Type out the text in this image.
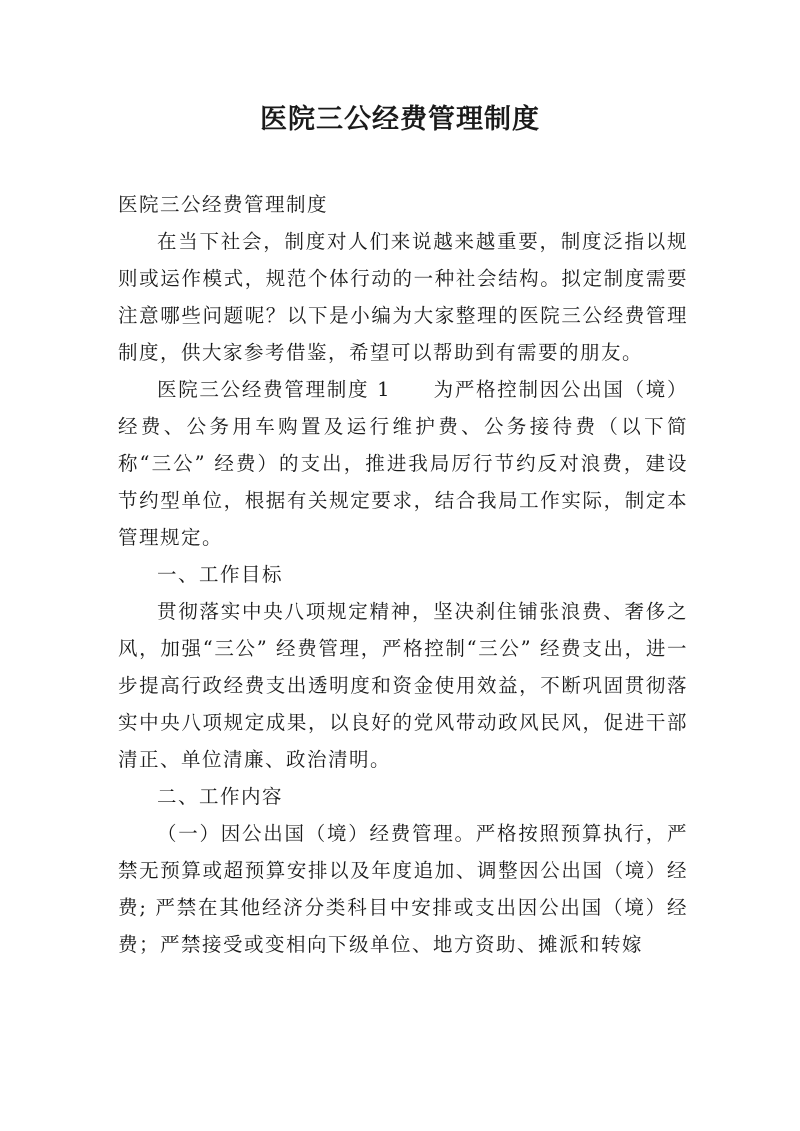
医院三公经费管理制度

医院三公经费管理制度

在当下社会，制度对人们来说越来越重要，制度泛指以规则或运作模式，规范个体行动的一种社会结构。拟定制度需要注意哪些问题呢？以下是小编为大家整理的医院三公经费管理制度，供大家参考借鉴，希望可以帮助到有需要的朋友。

医院三公经费管理制度 1　　为严格控制因公出国（境）经费、公务用车购置及运行维护费、公务接待费（以下简称“三公” 经费）的支出，推进我局厉行节约反对浪费，建设节约型单位，根据有关规定要求，结合我局工作实际，制定本管理规定。

一、工作目标

贯彻落实中央八项规定精神，坚决刹住铺张浪费、奢侈之风，加强“三公” 经费管理，严格控制“三公” 经费支出，进一步提高行政经费支出透明度和资金使用效益，不断巩固贯彻落实中央八项规定成果，以良好的党风带动政风民风，促进干部清正、单位清廉、政治清明。

二、工作内容

（一）因公出国（境）经费管理。严格按照预算执行，严禁无预算或超预算安排以及年度追加、调整因公出国（境）经费; 严禁在其他经济分类科目中安排或支出因公出国（境）经费；严禁接受或变相向下级单位、地方资助、摊派和转嫁
